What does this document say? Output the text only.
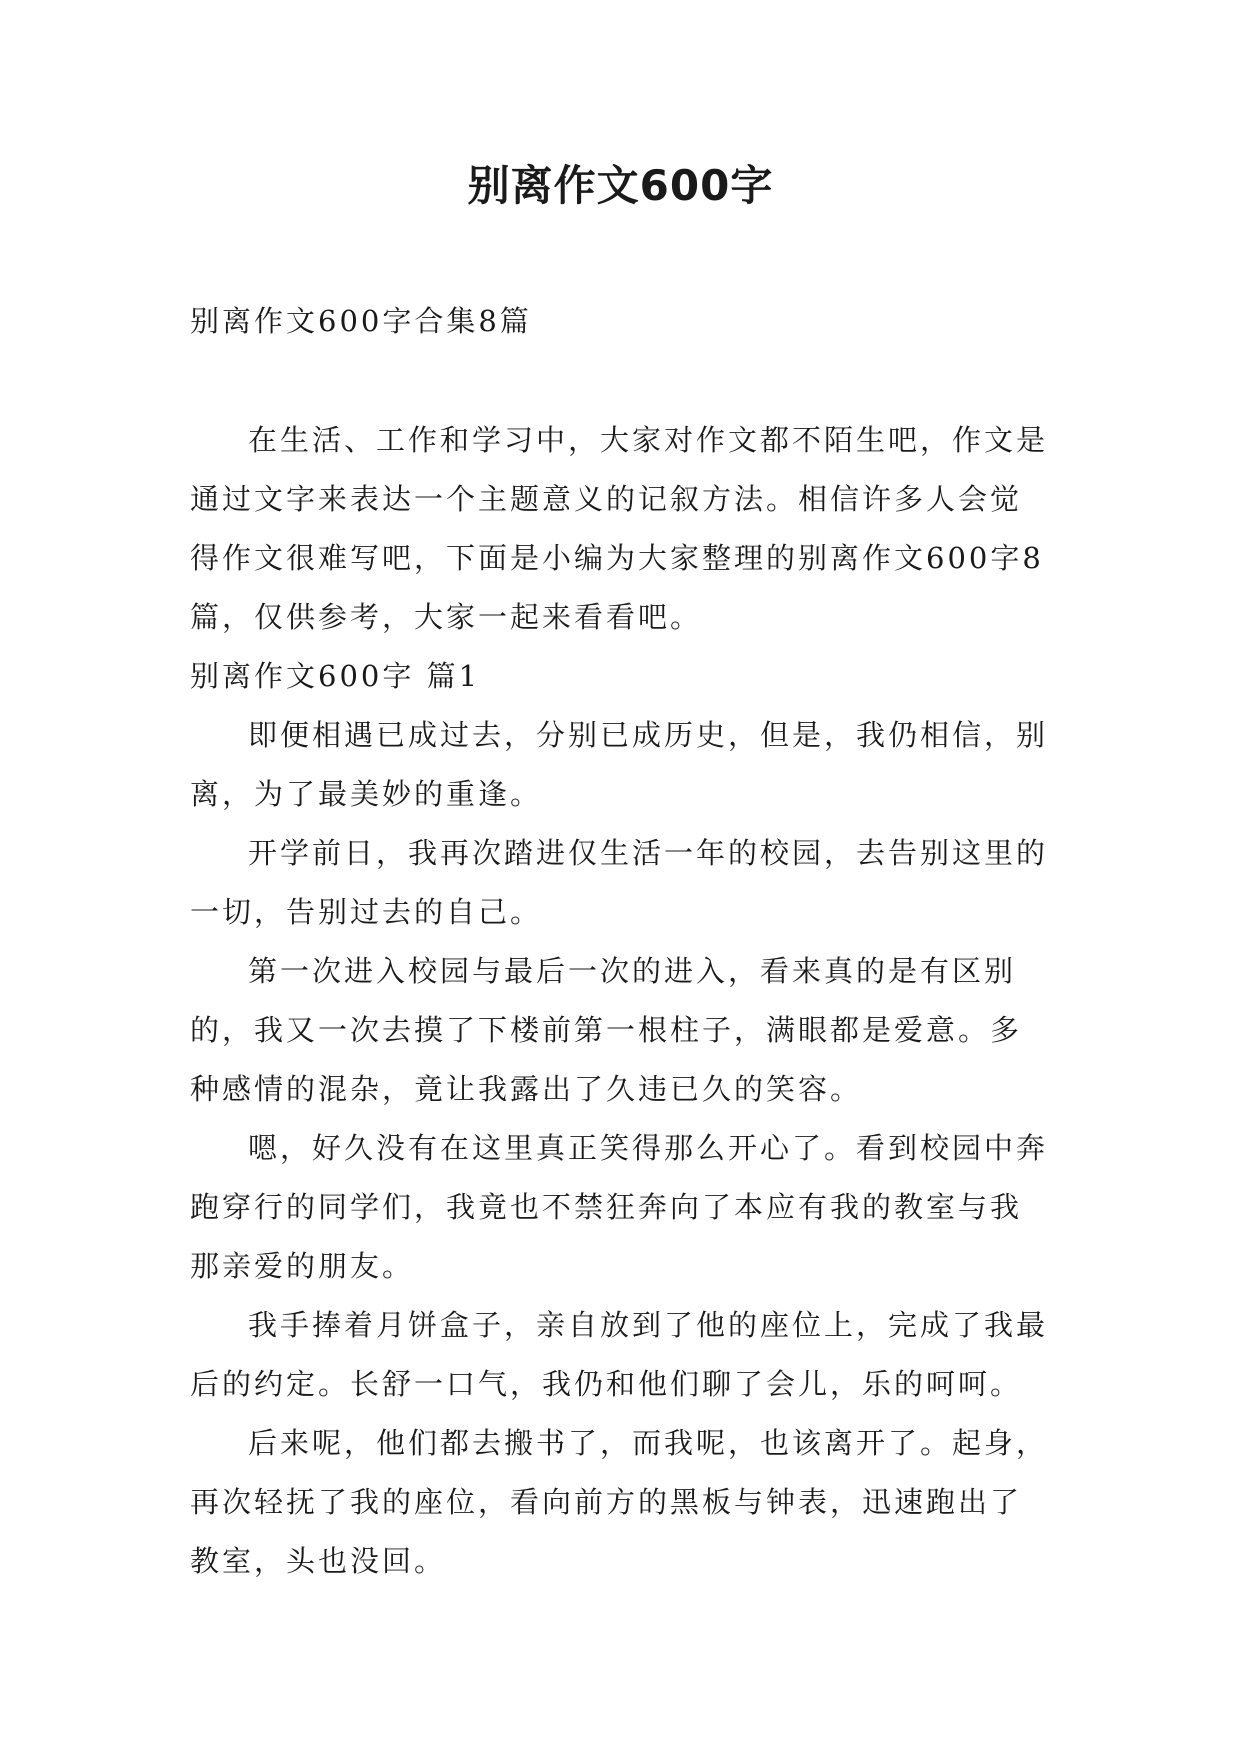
别离作文600字

别离作文600字合集8篇

在生活、工作和学习中，大家对作文都不陌生吧，作文是通过文字来表达一个主题意义的记叙方法。相信许多人会觉得作文很难写吧，下面是小编为大家整理的别离作文600字8篇，仅供参考，大家一起来看看吧。

别离作文600字 篇1

即便相遇已成过去，分别已成历史，但是，我仍相信，别离，为了最美妙的重逢。

开学前日，我再次踏进仅生活一年的校园，去告别这里的一切，告别过去的自己。

第一次进入校园与最后一次的进入，看来真的是有区别的，我又一次去摸了下楼前第一根柱子，满眼都是爱意。多种感情的混杂，竟让我露出了久违已久的笑容。

嗯，好久没有在这里真正笑得那么开心了。看到校园中奔跑穿行的同学们，我竟也不禁狂奔向了本应有我的教室与我那亲爱的朋友。

我手捧着月饼盒子，亲自放到了他的座位上，完成了我最后的约定。长舒一口气，我仍和他们聊了会儿，乐的呵呵。

后来呢，他们都去搬书了，而我呢，也该离开了。起身，再次轻抚了我的座位，看向前方的黑板与钟表，迅速跑出了教室，头也没回。
